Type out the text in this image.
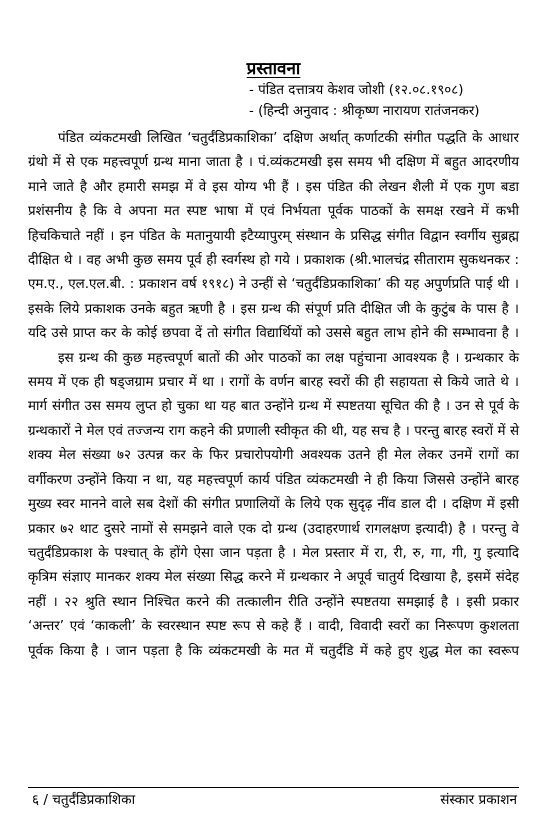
प्रस्तावना
- पंडित दत्तात्रय केशव जोशी (१२.०८.१९०८)
- (हिन्दी अनुवाद : श्रीकृष्ण नारायण रातंजनकर)

पंडित व्यंकटमखी लिखित ‘चतुर्दंडिप्रकाशिका’ दक्षिण अर्थात् कर्णाटकी संगीत पद्धति के आधार ग्रंथो में से एक महत्त्वपूर्ण ग्रन्थ माना जाता है । पं.व्यंकटमखी इस समय भी दक्षिण में बहुत आदरणीय माने जाते है और हमारी समझ में वे इस योग्य भी हैं । इस पंडित की लेखन शैली में एक गुण बडा प्रशंसनीय है कि वे अपना मत स्पष्ट भाषा में एवं निर्भयता पूर्वक पाठकों के समक्ष रखने में कभी हिचकिचाते नहीं । इन पंडित के मतानुयायी इटैय्यापुरम् संस्थान के प्रसिद्ध संगीत विद्वान स्वर्गीय सुब्रह्म दीक्षित थे । वह अभी कुछ समय पूर्व ही स्वर्गस्थ हो गये । प्रकाशक (श्री.भालचंद्र सीताराम सुकथनकर : एम.ए., एल.एल.बी. : प्रकाशन वर्ष १९१८) ने उन्हीं से ‘चतुर्दंडिप्रकाशिका’ की यह अपुर्णप्रति पाई थी । इसके लिये प्रकाशक उनके बहुत ऋणी है । इस ग्रन्थ की संपूर्ण प्रति दीक्षित जी के कुटुंब के पास है । यदि उसे प्राप्त कर के कोई छपवा दें तो संगीत विद्यार्थियों को उससे बहुत लाभ होने की सम्भावना है ।

इस ग्रन्थ की कुछ महत्त्वपूर्ण बातों की ओर पाठकों का लक्ष पहुंचाना आवश्यक है । ग्रन्थकार के समय में एक ही षड्जग्राम प्रचार में था । रागों के वर्णन बारह स्वरों की ही सहायता से किये जाते थे । मार्ग संगीत उस समय लुप्त हो चुका था यह बात उन्होंने ग्रन्थ में स्पष्टतया सूचित की है । उन से पूर्व के ग्रन्थकारों ने मेल एवं तज्जन्य राग कहने की प्रणाली स्वीकृत की थी, यह सच है । परन्तु बारह स्वरों में से शक्य मेल संख्या ७२ उत्पन्न कर के फिर प्रचारोपयोगी अवश्यक उतने ही मेल लेकर उनमें रागों का वर्गीकरण उन्होंने किया न था, यह महत्त्वपूर्ण कार्य पंडित व्यंकटमखी ने ही किया जिससे उन्होंने बारह मुख्य स्वर मानने वाले सब देशों की संगीत प्रणालियों के लिये एक सुदृढ़ नींव डाल दी । दक्षिण में इसी प्रकार ७२ थाट दुसरे नामों से समझने वाले एक दो ग्रन्थ (उदाहरणार्थ रागलक्षण इत्यादी) है । परन्तु वे चतुर्दंडिप्रकाश के पश्चात् के होंगे ऐसा जान पड़ता है । मेल प्रस्तार में रा, री, रु, गा, गी, गु इत्यादि कृत्रिम संज्ञाए मानकर शक्य मेल संख्या सिद्ध करने में ग्रन्थकार ने अपूर्व चातुर्य दिखाया है, इसमें संदेह नहीं । २२ श्रुति स्थान निश्चित करने की तत्कालीन रीति उन्होंने स्पष्टतया समझाई है । इसी प्रकार ‘अन्तर’ एवं ‘काकली’ के स्वरस्थान स्पष्ट रूप से कहे हैं । वादी, विवादी स्वरों का निरूपण कुशलता पूर्वक किया है । जान पड़ता है कि व्यंकटमखी के मत में चतुर्दंडि में कहे हुए शुद्ध मेल का स्वरूप

६ / चतुर्दंडिप्रकाशिका	संस्कार प्रकाशन
